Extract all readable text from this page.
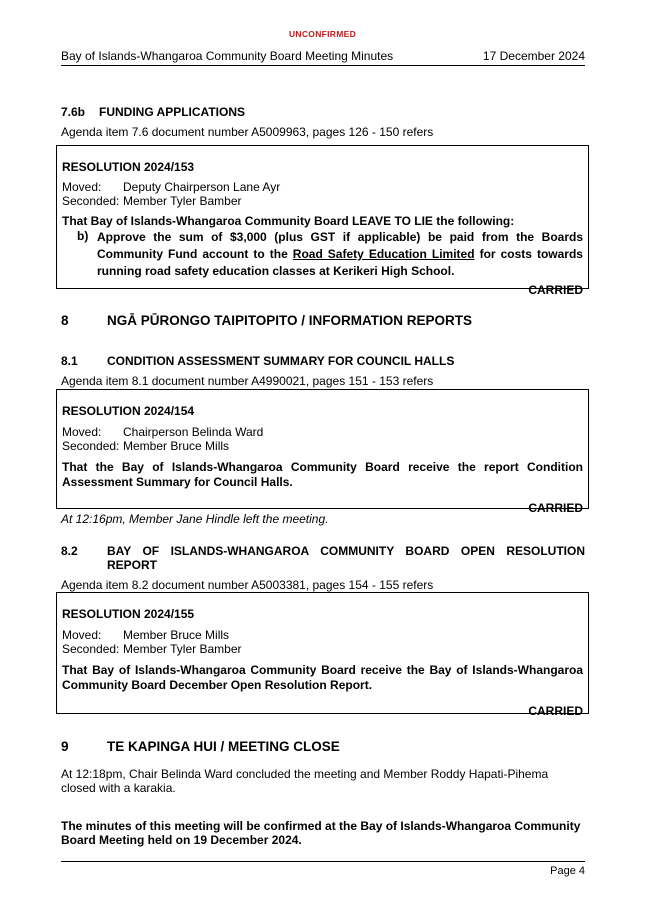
UNCONFIRMED
Bay of Islands-Whangaroa Community Board Meeting Minutes	17 December 2024
7.6b	FUNDING APPLICATIONS
Agenda item 7.6 document number A5009963, pages 126 - 150 refers
RESOLUTION 2024/153
Moved:	Deputy Chairperson Lane Ayr
Seconded: Member Tyler Bamber
That Bay of Islands-Whangaroa Community Board LEAVE TO LIE the following:
b) Approve the sum of $3,000 (plus GST if applicable) be paid from the Boards Community Fund account to the Road Safety Education Limited for costs towards running road safety education classes at Kerikeri High School.
CARRIED
8	NGĀ PŪRONGO TAIPITOPITO / INFORMATION REPORTS
8.1	CONDITION ASSESSMENT SUMMARY FOR COUNCIL HALLS
Agenda item 8.1 document number A4990021, pages 151 - 153 refers
RESOLUTION 2024/154
Moved:	Chairperson Belinda Ward
Seconded: Member Bruce Mills
That the Bay of Islands-Whangaroa Community Board receive the report Condition Assessment Summary for Council Halls.
CARRIED
At 12:16pm, Member Jane Hindle left the meeting.
8.2	BAY OF ISLANDS-WHANGAROA COMMUNITY BOARD OPEN RESOLUTION REPORT
Agenda item 8.2 document number A5003381, pages 154 - 155 refers
RESOLUTION 2024/155
Moved:	Member Bruce Mills
Seconded: Member Tyler Bamber
That Bay of Islands-Whangaroa Community Board receive the Bay of Islands-Whangaroa Community Board December Open Resolution Report.
CARRIED
9	TE KAPINGA HUI / MEETING CLOSE
At 12:18pm, Chair Belinda Ward concluded the meeting and Member Roddy Hapati-Pihema closed with a karakia.
The minutes of this meeting will be confirmed at the Bay of Islands-Whangaroa Community Board Meeting held on 19 December 2024.
Page 4
